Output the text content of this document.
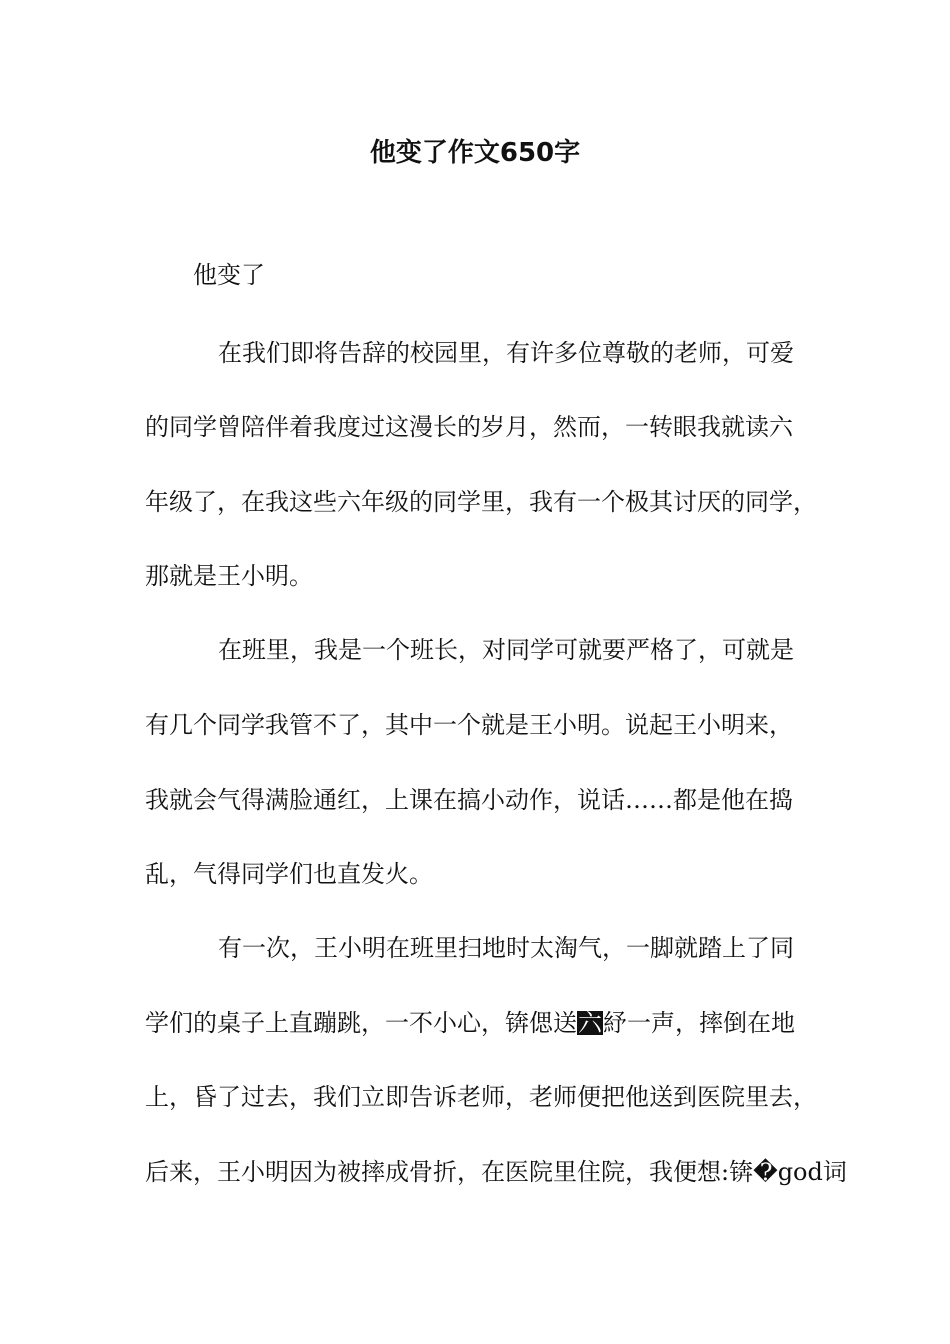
他变了作文650字
他变了
在我们即将告辞的校园里，有许多位尊敬的老师，可爱
的同学曾陪伴着我度过这漫长的岁月，然而，一转眼我就读六
年级了，在我这些六年级的同学里，我有一个极其讨厌的同学，
那就是王小明。
在班里，我是一个班长，对同学可就要严格了，可就是
有几个同学我管不了，其中一个就是王小明。说起王小明来，
我就会气得满脸通红，上课在搞小动作，说话……都是他在捣
乱，气得同学们也直发火。
有一次，王小明在班里扫地时太淘气，一脚就踏上了同
学们的桌子上直蹦跳，一不小心，锛偲送六紓一声，摔倒在地
上，昏了过去，我们立即告诉老师，老师便把他送到医院里去，
后来，王小明因为被摔成骨折，在医院里住院，我便想:锛�god词
